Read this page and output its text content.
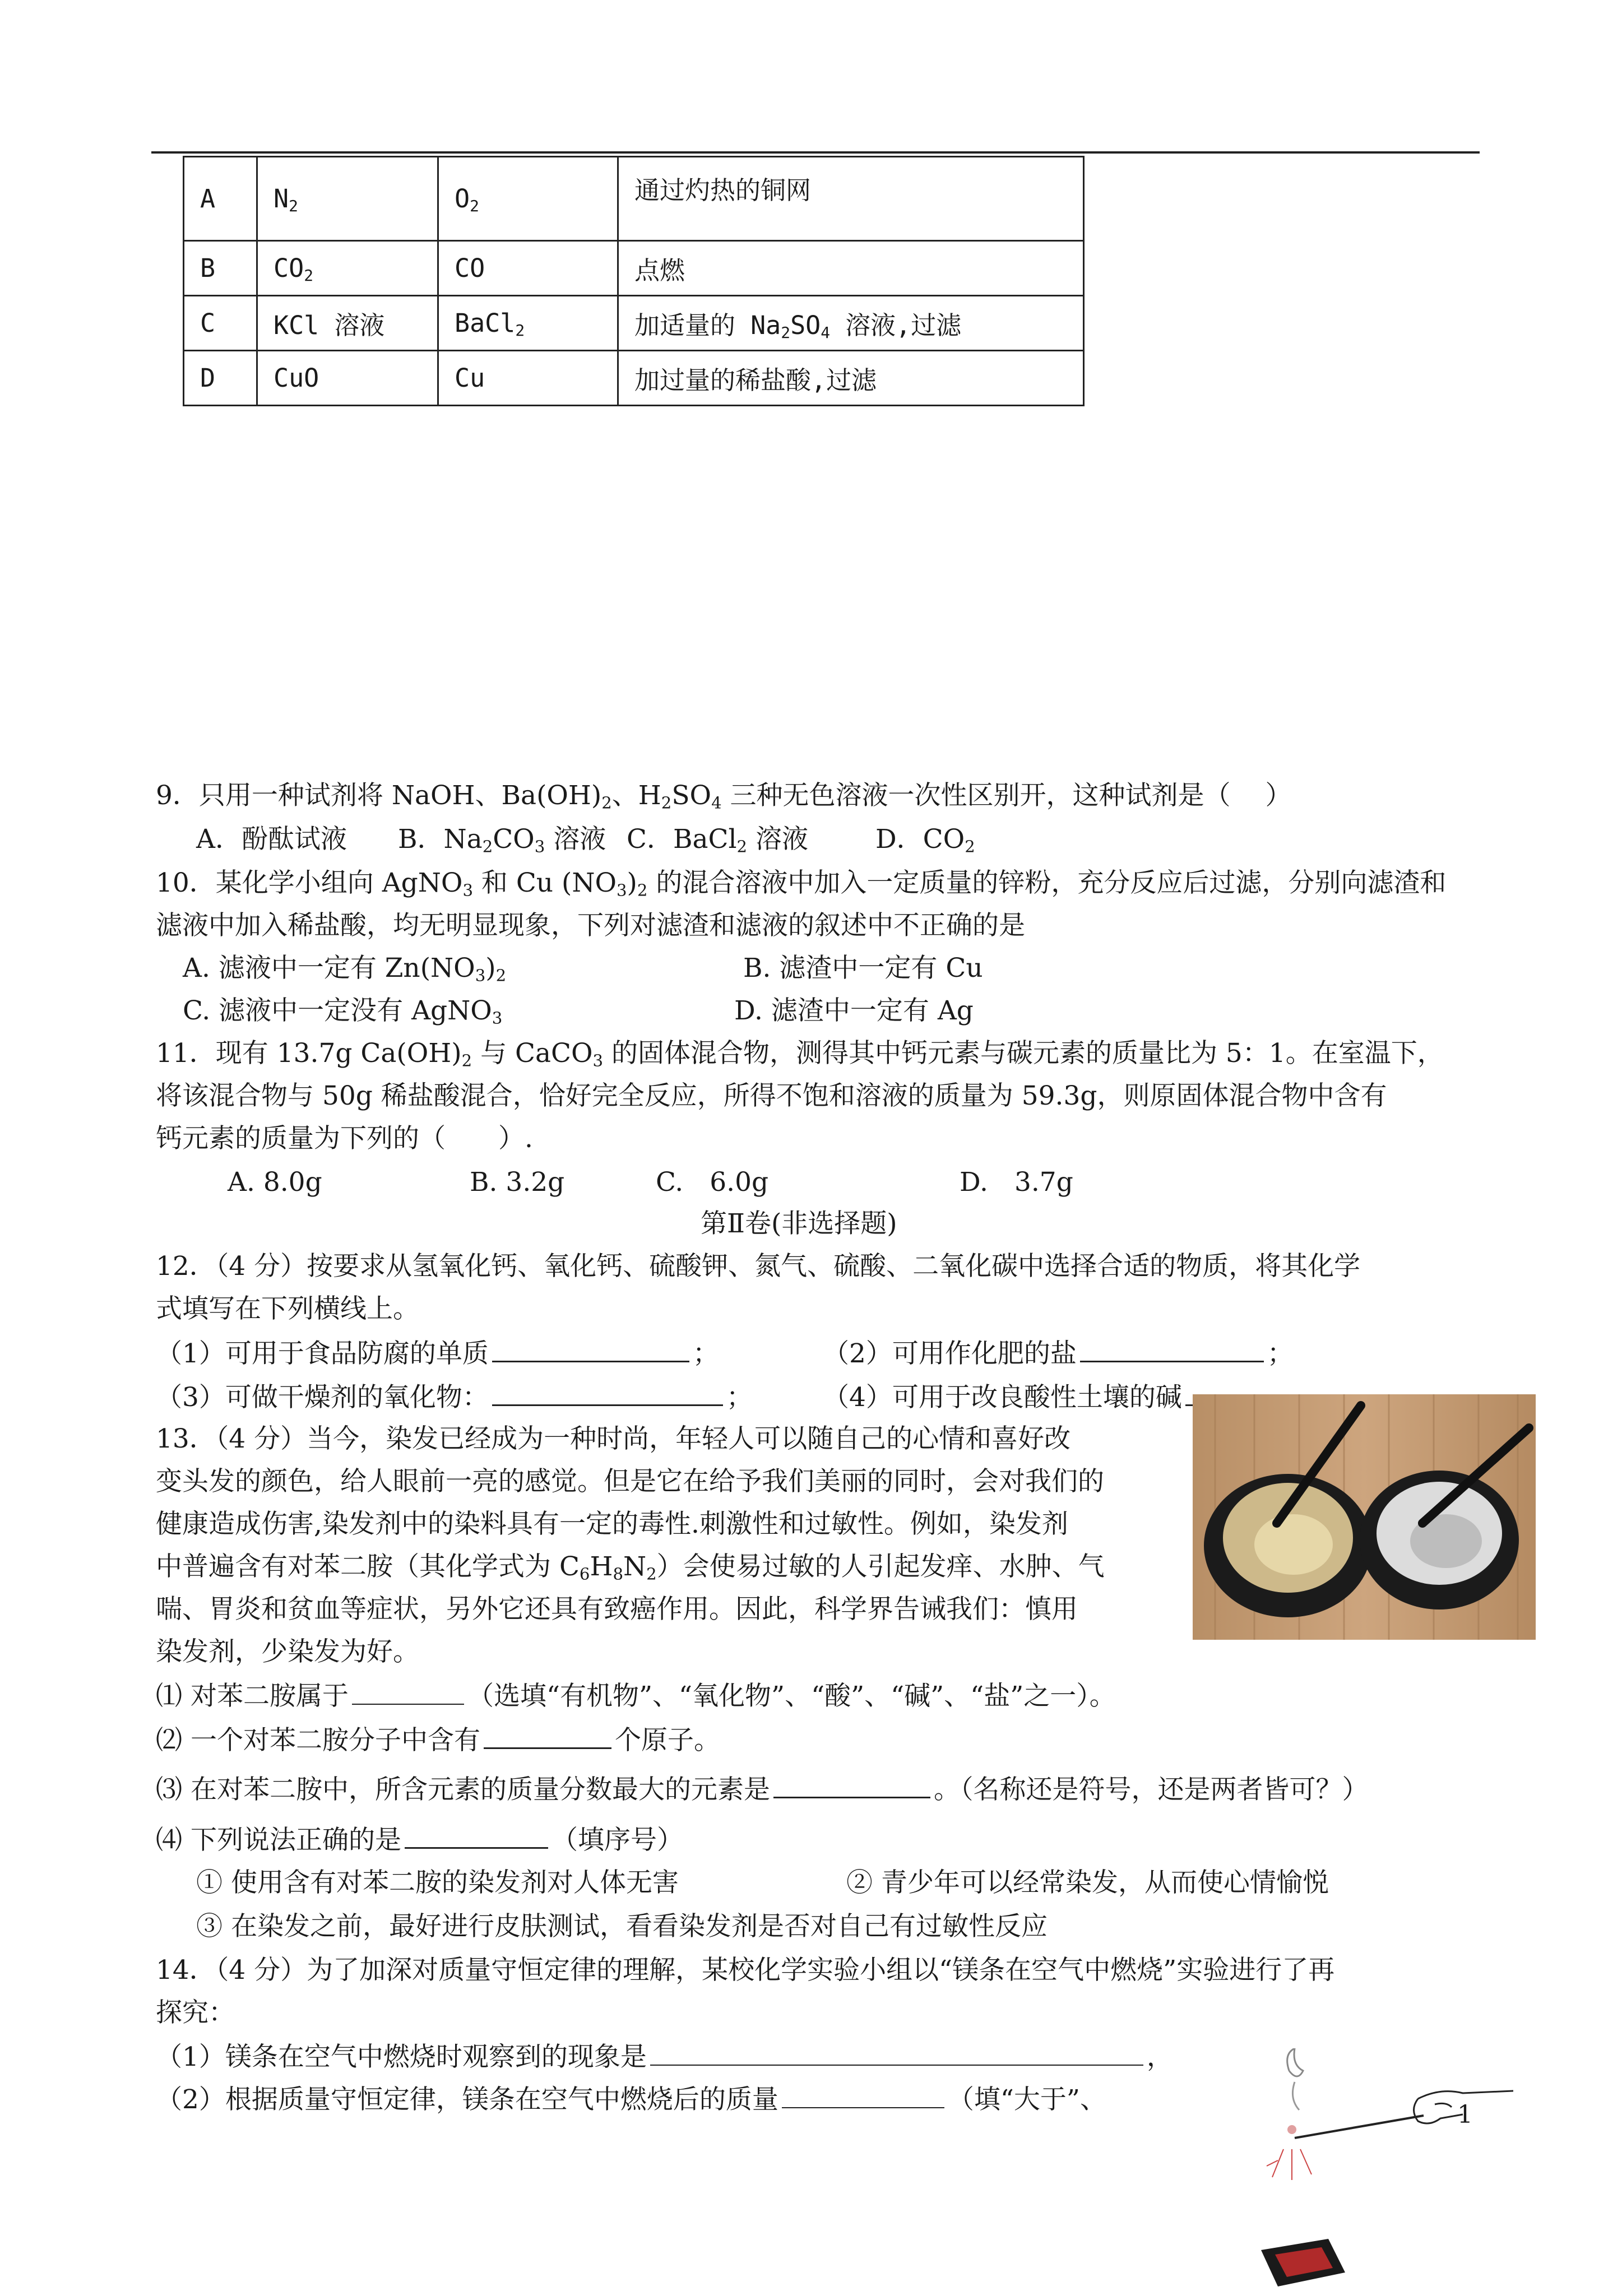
A	$N_2$	$O_2$	通过灼热的铜网
B	$CO_2$	CO	点燃
C	KCl 溶液	BaCl$_2$	加适量的 $Na_2SO_4$ 溶液,过滤
D	CuO	Cu	加过量的稀盐酸,过滤
9．只用一种试剂将 NaOH、$Ba(OH)_2$、$H_2SO_4$ 三种无色溶液一次性区别开，这种试剂是（　 ）
A．酚酞试液 B．$Na_2CO_3$ 溶液 C．BaCl$_2$ 溶液	D．$CO_2$
10．某化学小组向 AgNO$_3$ 和 Cu $(NO_3)_2$ 的混合溶液中加入一定质量的锌粉，充分反应后过滤，分别向滤渣和
滤液中加入稀盐酸，均无明显现象，下列对滤渣和滤液的叙述中不正确的是
A. 滤液中一定有 $Zn(NO_3)_2$	B. 滤渣中一定有 Cu
C. 滤液中一定没有 AgNO$_3$	D. 滤渣中一定有 Ag
11．现有 13.7g $Ca(OH)_2$ 与 CaCO$_3$ 的固体混合物，测得其中钙元素与碳元素的质量比为 5：1。在室温下，
将该混合物与 50g 稀盐酸混合，恰好完全反应，所得不饱和溶液的质量为 59.3g，则原固体混合物中含有
钙元素的质量为下列的（　　）.
A. 8.0g	B. 3.2g	C.　6.0g	D.　3.7g
第Ⅱ卷(非选择题)
12．（4 分）按要求从氢氧化钙、氧化钙、硫酸钾、氮气、硫酸、二氧化碳中选择合适的物质，将其化学
式填写在下列横线上。
（1）可用于食品防腐的单质	；	（2）可用作化肥的盐	；
（3）可做干燥剂的氧化物：	；	（4）可用于改良酸性土壤的碱
13．（4 分）当今，染发已经成为一种时尚，年轻人可以随自己的心情和喜好改
变头发的颜色，给人眼前一亮的感觉。但是它在给予我们美丽的同时，会对我们的
健康造成伤害,染发剂中的染料具有一定的毒性.刺激性和过敏性。例如，染发剂
中普遍含有对苯二胺（其化学式为 $C_6H_8N_2$）会使易过敏的人引起发痒、水肿、气
喘、胃炎和贫血等症状，另外它还具有致癌作用。因此，科学界告诫我们：慎用
染发剂，少染发为好。
⑴ 对苯二胺属于	（选填“有机物”、“氧化物”、“酸”、“碱”、“盐”之一）。
⑵ 一个对苯二胺分子中含有	个原子。
⑶ 在对苯二胺中，所含元素的质量分数最大的元素是	。（名称还是符号，还是两者皆可？）
⑷ 下列说法正确的是	（填序号）
① 使用含有对苯二胺的染发剂对人体无害	② 青少年可以经常染发，从而使心情愉悦
③ 在染发之前，最好进行皮肤测试，看看染发剂是否对自己有过敏性反应
14．（4 分）为了加深对质量守恒定律的理解，某校化学实验小组以“镁条在空气中燃烧”实验进行了再
探究：
（1）镁条在空气中燃烧时观察到的现象是	，
（2）根据质量守恒定律，镁条在空气中燃烧后的质量	（填“大于”、	1
